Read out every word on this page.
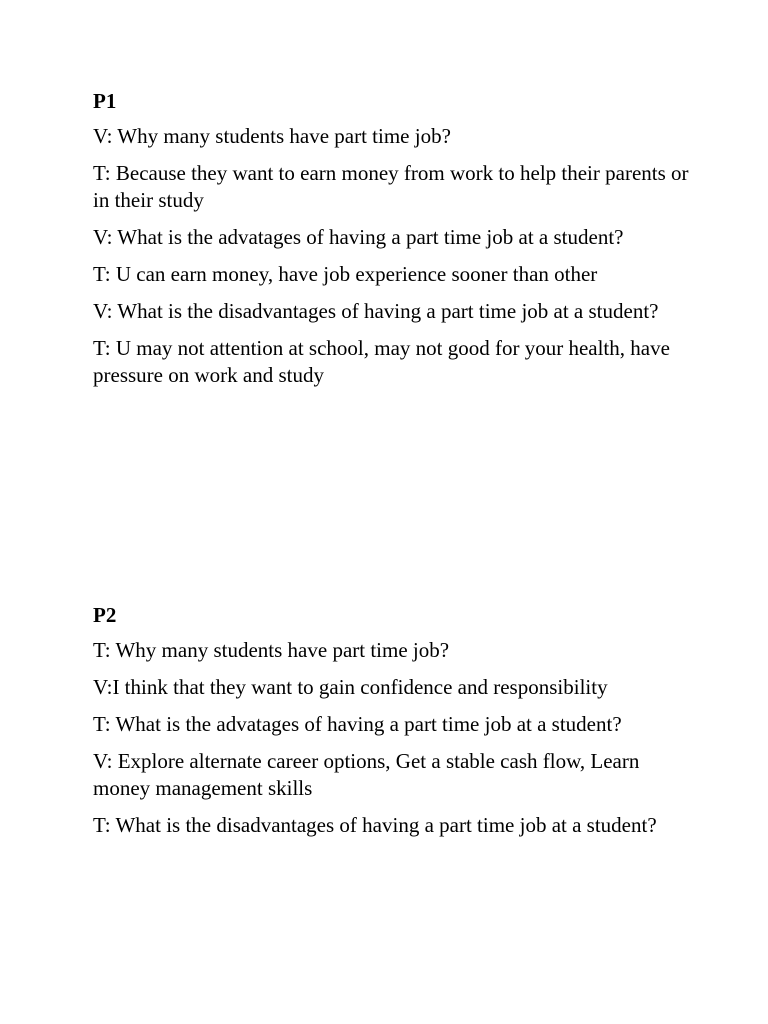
P1
V: Why many students have part time job?
T: Because they want to earn money from work to help their parents or in their study
V: What is the advatages of having a part time job at a student?
T: U can earn money, have job experience sooner than other
V: What is the disadvantages of having a part time job at a student?
T: U may not attention at school, may not good for your health, have pressure on work and study
P2
T: Why many students have part time job?
V:I think that they want to gain confidence and responsibility
T: What is the advatages of having a part time job at a student?
V: Explore alternate career options, Get a stable cash flow, Learn money management skills
T: What is the disadvantages of having a part time job at a student?
